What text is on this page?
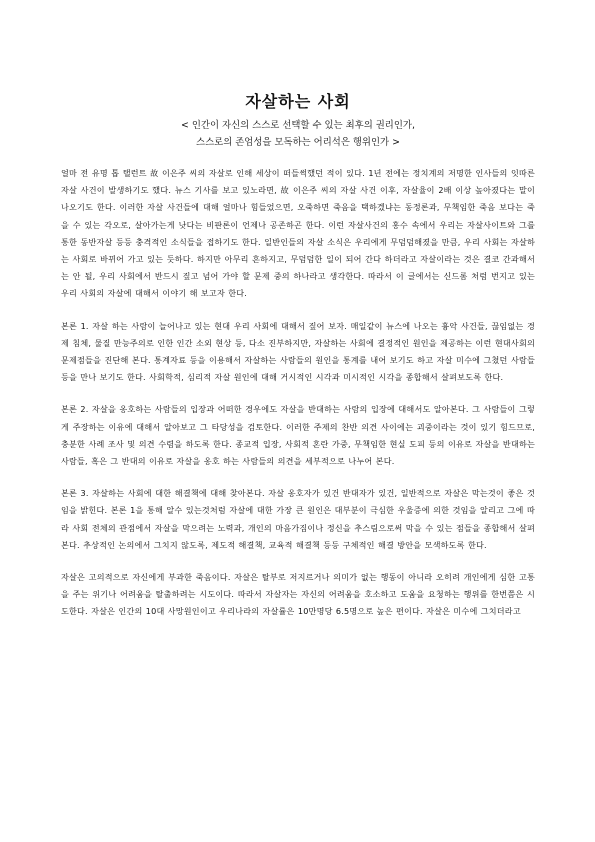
자살하는 사회
< 인간이 자신의 스스로 선택할 수 있는 최후의 권리인가,
스스로의 존엄성을 모독하는 어리석은 행위인가 >

얼마 전 유명 톱 탤런트 故 이은주 씨의 자살로 인해 세상이 떠들썩했던 적이 있다. 1년 전에는 정치계의 저명한 인사들의 잇따른 자살 사건이 발생하기도 했다. 뉴스 기사를 보고 있노라면, 故 이은주 씨의 자살 사건 이후, 자살율이 2배 이상 높아졌다는 말이 나오기도 한다. 이러한 자살 사건들에 대해 얼마나 힘들었으면, 오죽하면 죽음을 택하겠냐는 동정론과, 무책임한 죽음 보다는 죽을 수 있는 각오로, 살아가는게 낫다는 비판론이 언제나 공존하곤 한다. 이런 자살사건의 홍수 속에서 우리는 자살사이트와 그를 통한 동반자살 등등 충격적인 소식들을 접하기도 한다. 일반인들의 자살 소식은 우리에게 무덤덤해졌을 만큼, 우리 사회는 자살하는 사회로 바뀌어 가고 있는 듯하다. 하지만 아무리 흔하지고, 무덤덤한 일이 되어 간다 하더라고 자살이라는 것은 결코 간과해서는 안 될, 우리 사회에서 반드시 짚고 넘어 가야 할 문제 중의 하나라고 생각한다. 따라서 이 글에서는 신드롬 처럼 번지고 있는 우리 사회의 자살에 대해서 이야기 해 보고자 한다.

본론 1. 자살 하는 사람이 늘어나고 있는 현대 우리 사회에 대해서 짚어 보자. 매일같이 뉴스에 나오는 흉악 사건들, 끊임없는 경제 침체, 물질 만능주의로 인한 인간 소외 현상 등, 다소 진부하지만, 자살하는 사회에 결정적인 원인을 제공하는 이런 현대사회의 문제점들을 진단해 본다. 통계자료 등을 이용해서 자살하는 사람들의 원인을 통계를 내어 보기도 하고 자살 미수에 그쳤던 사람들 등을 만나 보기도 한다. 사회학적, 심리적 자살 원인에 대해 거시적인 시각과 미시적인 시각을 종합해서 살펴보도록 한다.

본론 2. 자살을 옹호하는 사람들의 입장과 어떠한 경우에도 자살을 반대하는 사람의 입장에 대해서도 알아본다. 그 사람들이 그렇게 주장하는 이유에 대해서 알아보고 그 타당성을 검토한다. 이러한 주제의 찬반 의견 사이에는 괴중이라는 것이 있기 힘드므로, 충분한 사례 조사 및 의견 수렴을 하도록 한다. 종교적 입장, 사회적 혼란 가중, 무책임한 현실 도피 등의 이유로 자살을 반대하는 사람들, 혹은 그 반대의 이유로 자살을 옹호 하는 사람들의 의견을 세부적으로 나누어 본다.

본론 3. 자살하는 사회에 대한 해결책에 대해 찾아본다. 자살 옹호자가 있건 반대자가 있건, 일반적으로 자살은 막는것이 좋은 것임을 밝힌다. 본론 1을 통해 알수 있는것처럼 자살에 대한 가장 큰 원인은 대부분이 극심한 우울증에 의한 것임을 알리고 그에 따라 사회 전체의 관점에서 자살을 막으려는 노력과, 개인의 마음가짐이나 정신을 추스림으로써 막을 수 있는 점들을 종합해서 살펴본다. 추상적인 논의에서 그치지 않도록, 제도적 해결책, 교육적 해결책 등등 구체적인 해결 방안을 모색하도록 한다.

자살은 고의적으로 자신에게 부과한 죽음이다. 자살은 탈부로 저지르거나 의미가 없는 행동이 아니라 오히려 개인에게 심한 고통을 주는 위기나 어려움을 탈출하려는 시도이다. 따라서 자살자는 자신의 어려움을 호소하고 도움을 요청하는 행위를 한번쯤은 시도한다. 자살은 인간의 10대 사망원인이고 우리나라의 자살률은 10만명당 6.5명으로 높은 편이다. 자살은 미수에 그치더라고
